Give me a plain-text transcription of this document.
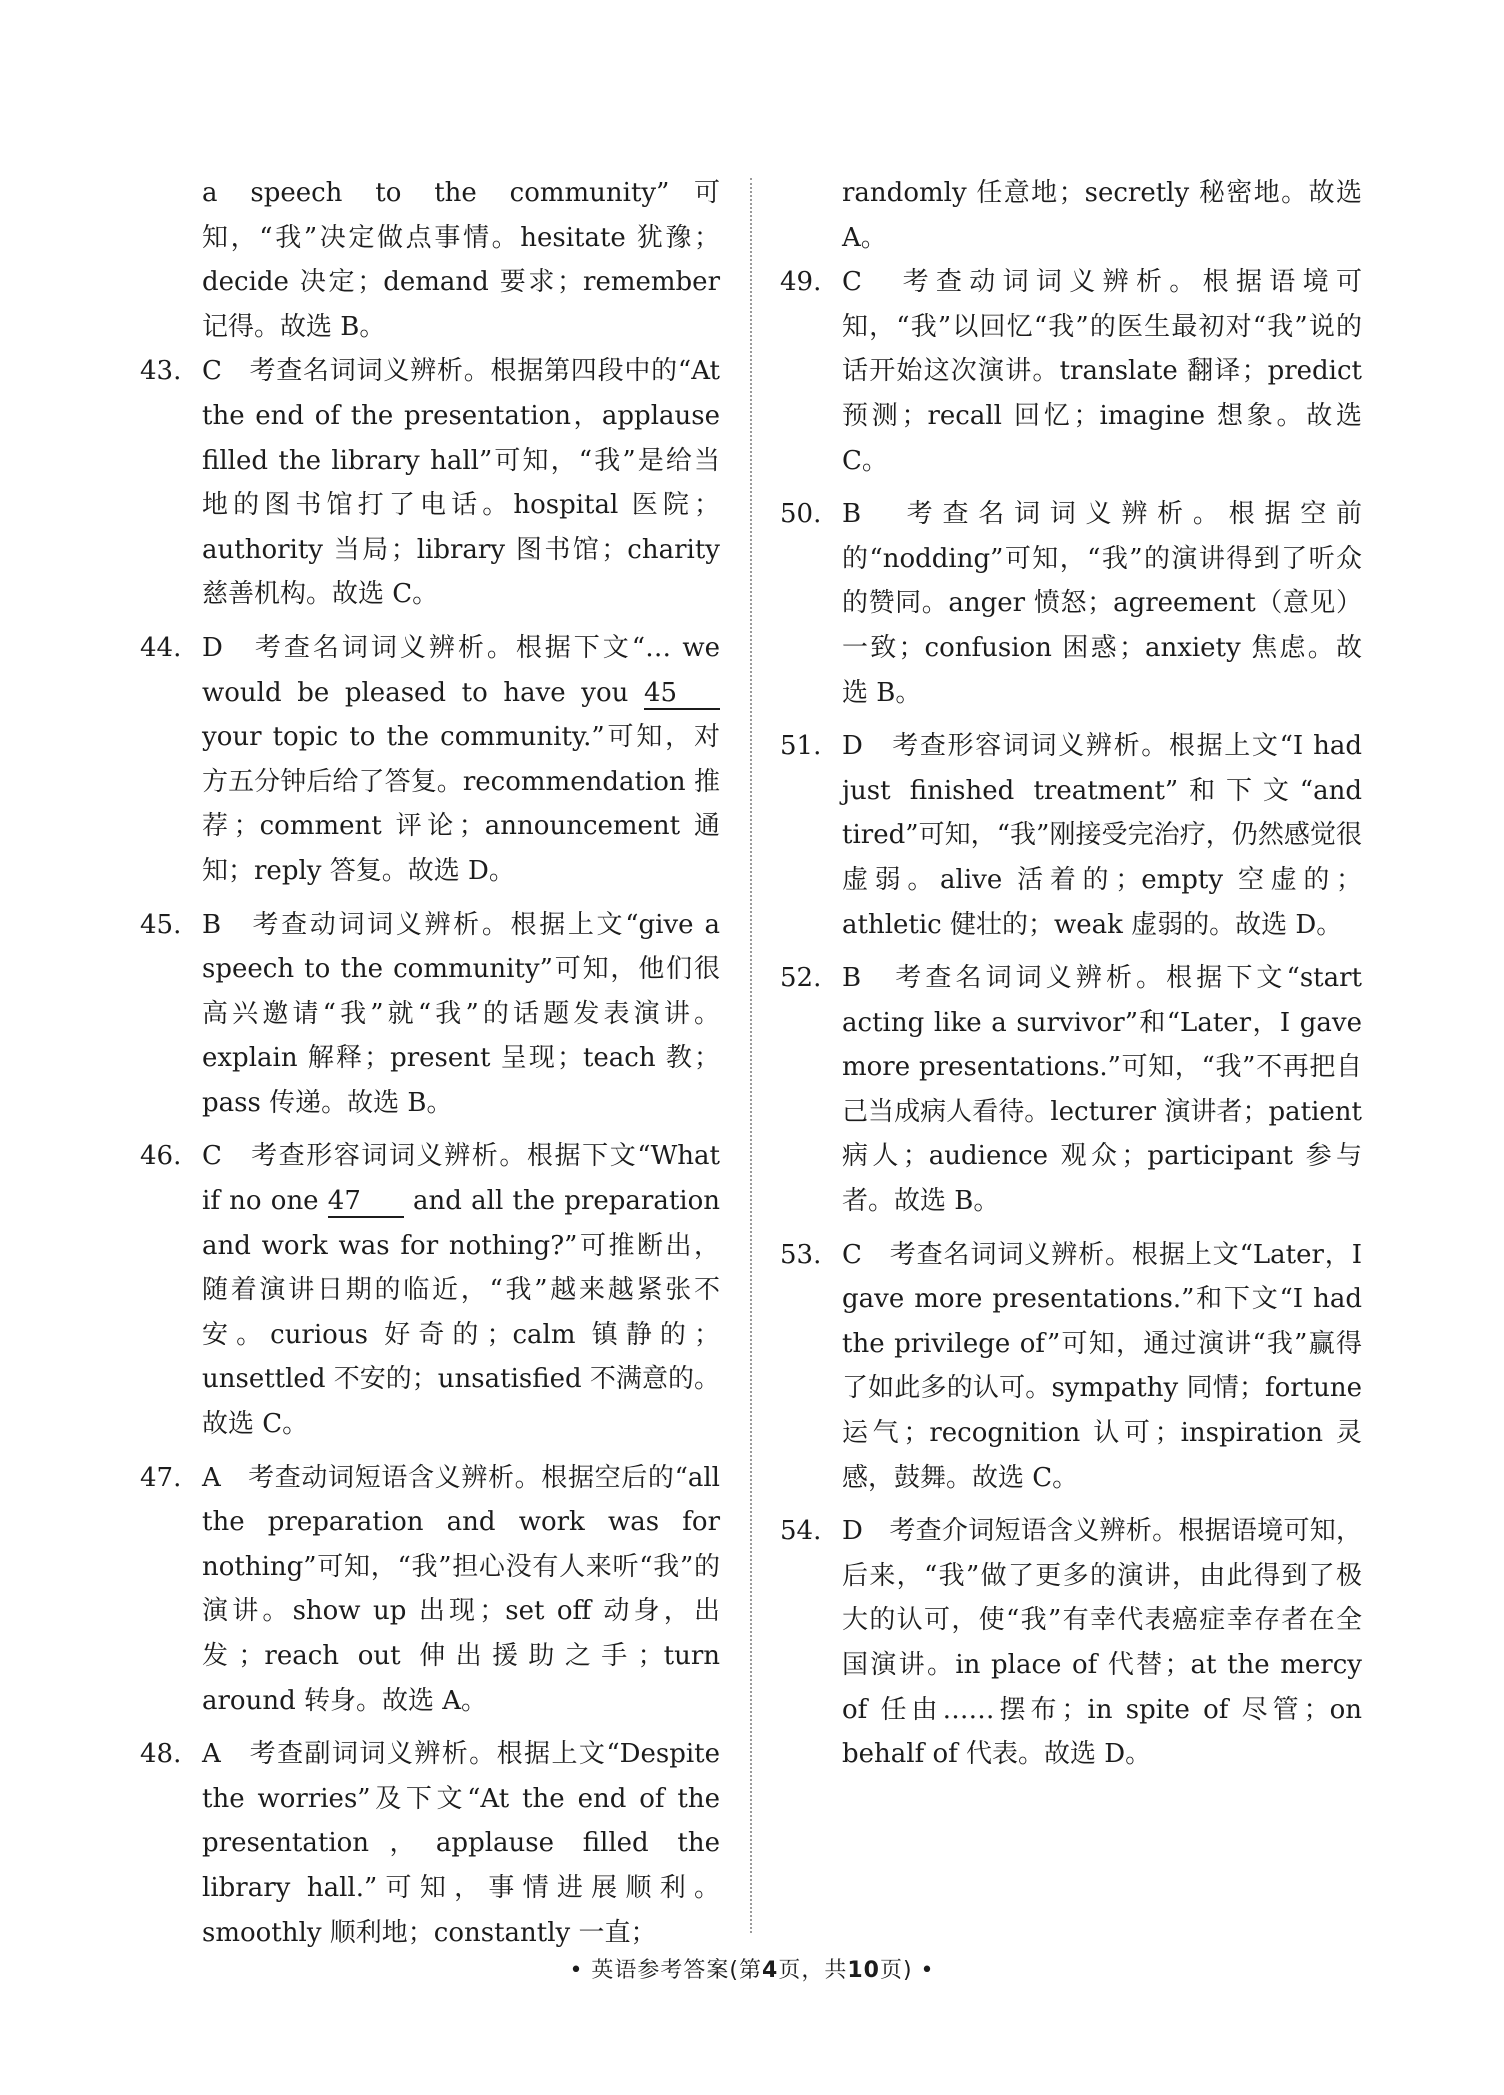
a speech to the community”可知，“我”决定做点事情。hesitate 犹豫；decide 决定；demand 要求；remember 记得。故选 B。
43. C　考查名词词义辨析。根据第四段中的“At the end of the presentation，applause filled the library hall”可知，“我”是给当地的图书馆打了电话。hospital 医院；authority 当局；library 图书馆；charity 慈善机构。故选 C。
44. D　考查名词词义辨析。根据下文“… we would be pleased to have you 45 your topic to the community.”可知，对方五分钟后给了答复。recommendation 推荐；comment 评论；announcement 通知；reply 答复。故选 D。
45. B　考查动词词义辨析。根据上文“give a speech to the community”可知，他们很高兴邀请“我”就“我”的话题发表演讲。explain 解释；present 呈现；teach 教；pass 传递。故选 B。
46. C　考查形容词词义辨析。根据下文“What if no one 47 and all the preparation and work was for nothing?”可推断出，随着演讲日期的临近，“我”越来越紧张不安。curious 好奇的；calm 镇静的；unsettled 不安的；unsatisfied 不满意的。故选 C。
47. A　考查动词短语含义辨析。根据空后的“all the preparation and work was for nothing”可知，“我”担心没有人来听“我”的演讲。show up 出现；set off 动身，出发；reach out 伸出援助之手；turn around 转身。故选 A。
48. A　考查副词词义辨析。根据上文“Despite the worries”及下文“At the end of the presentation，applause filled the library hall.”可知，事情进展顺利。smoothly 顺利地；constantly 一直；
randomly 任意地；secretly 秘密地。故选 A。
49. C　考查动词词义辨析。根据语境可知，“我”以回忆“我”的医生最初对“我”说的话开始这次演讲。translate 翻译；predict 预测；recall 回忆；imagine 想象。故选 C。
50. B　考查名词词义辨析。根据空前的“nodding”可知，“我”的演讲得到了听众的赞同。anger 愤怒；agreement（意见）一致；confusion 困惑；anxiety 焦虑。故选 B。
51. D　考查形容词词义辨析。根据上文“I had just finished treatment”和下文“and tired”可知，“我”刚接受完治疗，仍然感觉很虚弱。alive 活着的；empty 空虚的；athletic 健壮的；weak 虚弱的。故选 D。
52. B　考查名词词义辨析。根据下文“start acting like a survivor”和“Later，I gave more presentations.”可知，“我”不再把自己当成病人看待。lecturer 演讲者；patient 病人；audience 观众；participant 参与者。故选 B。
53. C　考查名词词义辨析。根据上文“Later，I gave more presentations.”和下文“I had the privilege of”可知，通过演讲“我”赢得了如此多的认可。sympathy 同情；fortune 运气；recognition 认可；inspiration 灵感，鼓舞。故选 C。
54. D　考查介词短语含义辨析。根据语境可知，后来，“我”做了更多的演讲，由此得到了极大的认可，使“我”有幸代表癌症幸存者在全国演讲。in place of 代替；at the mercy of 任由……摆布；in spite of 尽管；on behalf of 代表。故选 D。
• 英语参考答案(第4页，共10页) •
